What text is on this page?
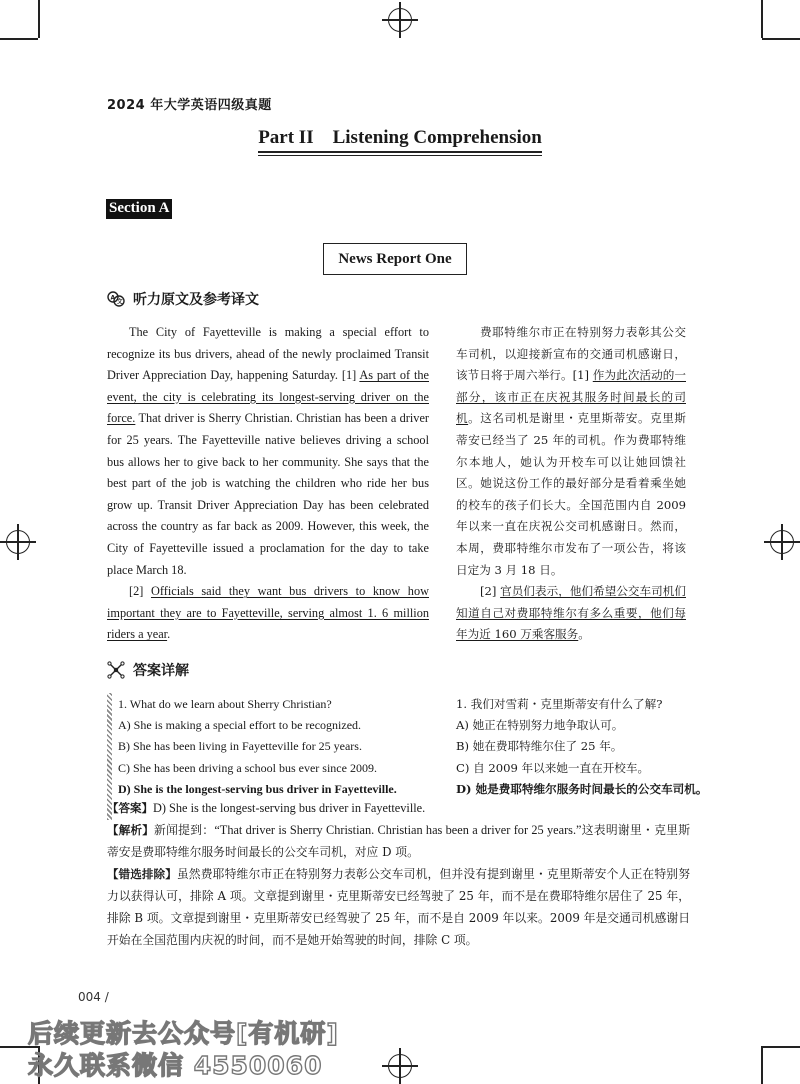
2024 年大学英语四级真题
Part II    Listening Comprehension
Section A
News Report One
A
文 听力原文及参考译文

The City of Fayetteville is making a special effort to recognize its bus drivers, ahead of the newly proclaimed Transit Driver Appreciation Day, happening Saturday. [1] As part of the event, the city is celebrating its longest-serving driver on the force. That driver is Sherry Christian. Christian has been a driver for 25 years. The Fayetteville native believes driving a school bus allows her to give back to her community. She says that the best part of the job is watching the children who ride her bus grow up. Transit Driver Appreciation Day has been celebrated across the country as far back as 2009. However, this week, the City of Fayetteville issued a proclamation for the day to take place March 18.

[2] Officials said they want bus drivers to know how important they are to Fayetteville, serving almost 1. 6 million riders a year.

费耶特维尔市正在特别努力表彰其公交车司机，以迎接新宣布的交通司机感谢日，该节日将于周六举行。[1] 作为此次活动的一部分，该市正在庆祝其服务时间最长的司机。这名司机是谢里・克里斯蒂安。克里斯蒂安已经当了 25 年的司机。作为费耶特维尔本地人，她认为开校车可以让她回馈社区。她说这份工作的最好部分是看着乘坐她的校车的孩子们长大。全国范围内自 2009 年以来一直在庆祝公交司机感谢日。然而，本周，费耶特维尔市发布了一项公告，将该日定为 3 月 18 日。

[2] 官员们表示，他们希望公交车司机们知道自己对费耶特维尔有多么重要，他们每年为近 160 万乘客服务。

答案详解
1. What do we learn about Sherry Christian?
A) She is making a special effort to be recognized.
B) She has been living in Fayetteville for 25 years.
C) She has been driving a school bus ever since 2009.
D) She is the longest-serving bus driver in Fayetteville.
1. 我们对雪莉・克里斯蒂安有什么了解?
A) 她正在特别努力地争取认可。
B) 她在费耶特维尔住了 25 年。
C) 自 2009 年以来她一直在开校车。
D) 她是费耶特维尔服务时间最长的公交车司机。

【答案】D) She is the longest-serving bus driver in Fayetteville.

【解析】新闻提到：“That driver is Sherry Christian. Christian has been a driver for 25 years.”这表明谢里・克里斯蒂安是费耶特维尔服务时间最长的公交车司机，对应 D 项。

【错选排除】虽然费耶特维尔市正在特别努力表彰公交车司机，但并没有提到谢里・克里斯蒂安个人正在特别努力以获得认可，排除 A 项。文章提到谢里・克里斯蒂安已经驾驶了 25 年，而不是在费耶特维尔居住了 25 年，排除 B 项。文章提到谢里・克里斯蒂安已经驾驶了 25 年，而不是自 2009 年以来。2009 年是交通司机感谢日开始在全国范围内庆祝的时间，而不是她开始驾驶的时间，排除 C 项。

004 /
后续更新去公众号[有机研]
永久联系微信 4550060
